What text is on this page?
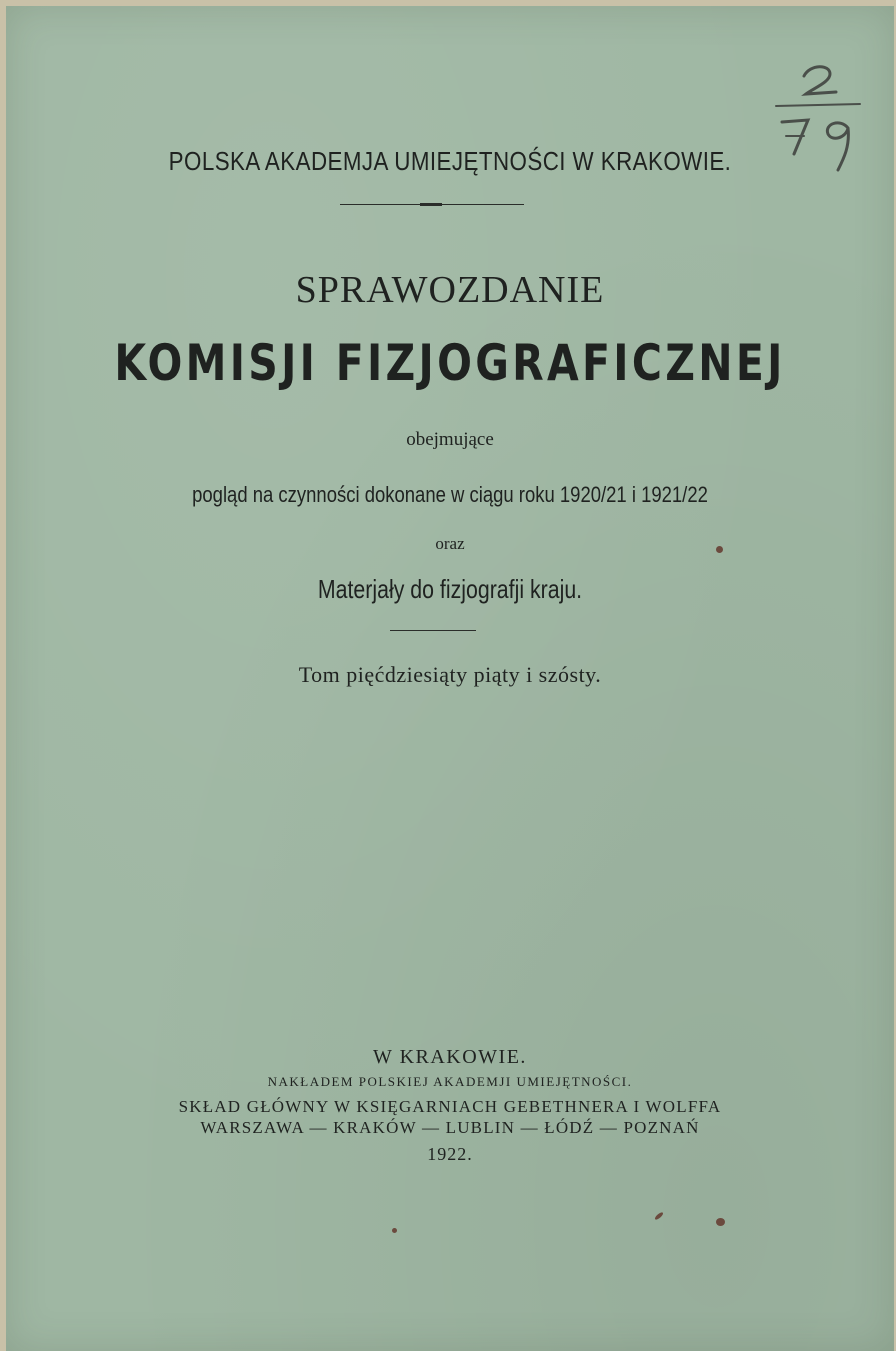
POLSKA AKADEMJA UMIEJĘTNOŚCI W KRAKOWIE.
SPRAWOZDANIE
KOMISJI FIZJOGRAFICZNEJ
obejmujące
pogląd na czynności dokonane w ciągu roku 1920/21 i 1921/22
oraz
Materjały do fizjografji kraju.
Tom pięćdziesiąty piąty i szósty.
W KRAKOWIE.
NAKŁADEM POLSKIEJ AKADEMJI UMIEJĘTNOŚCI.
SKŁAD GŁÓWNY W KSIĘGARNIACH GEBETHNERA I WOLFFA
WARSZAWA — KRAKÓW — LUBLIN — ŁÓDŹ — POZNAŃ
1922.
